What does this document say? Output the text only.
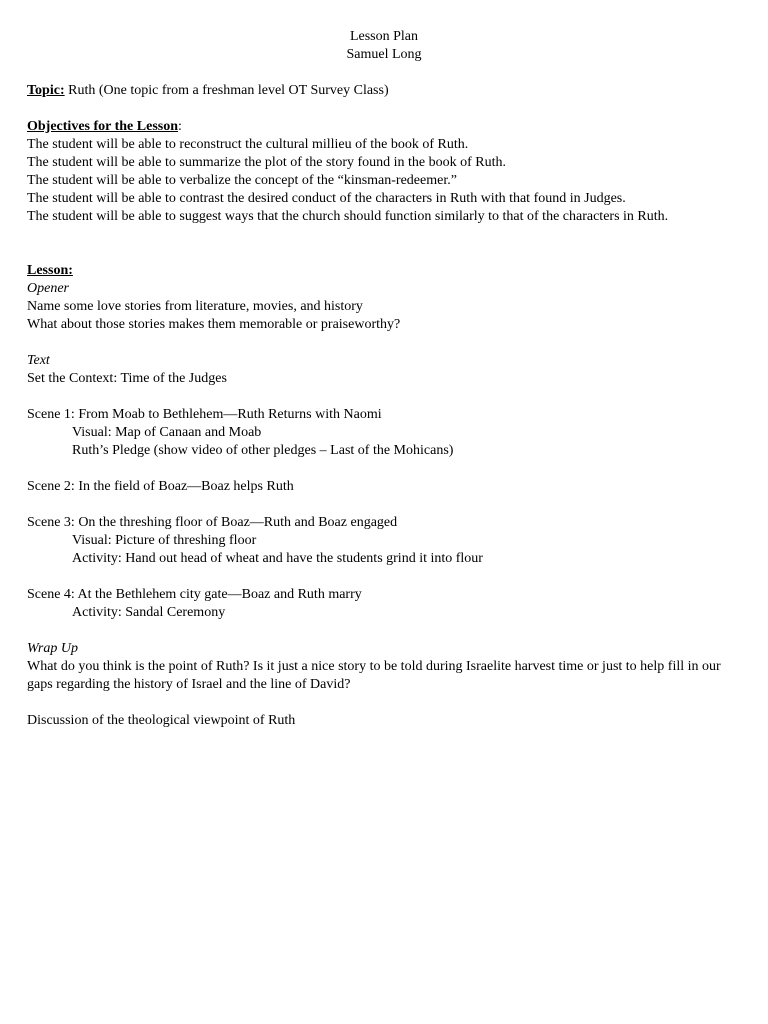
Lesson Plan
Samuel Long
Topic: Ruth (One topic from a freshman level OT Survey Class)
Objectives for the Lesson:
The student will be able to reconstruct the cultural millieu of the book of Ruth.
The student will be able to summarize the plot of the story found in the book of Ruth.
The student will be able to verbalize the concept of the “kinsman-redeemer.”
The student will be able to contrast the desired conduct of the characters in Ruth with that found in Judges.
The student will be able to suggest ways that the church should function similarly to that of the characters in Ruth.
Lesson:
Opener
Name some love stories from literature, movies, and history
What about those stories makes them memorable or praiseworthy?
Text
Set the Context: Time of the Judges
Scene 1: From Moab to Bethlehem—Ruth Returns with Naomi
Visual: Map of Canaan and Moab
Ruth’s Pledge (show video of other pledges – Last of the Mohicans)
Scene 2: In the field of Boaz—Boaz helps Ruth
Scene 3: On the threshing floor of Boaz—Ruth and Boaz engaged
Visual: Picture of threshing floor
Activity: Hand out head of wheat and have the students grind it into flour
Scene 4: At the Bethlehem city gate—Boaz and Ruth marry
Activity: Sandal Ceremony
Wrap Up
What do you think is the point of Ruth? Is it just a nice story to be told during Israelite harvest time or just to help fill in our gaps regarding the history of Israel and the line of David?
Discussion of the theological viewpoint of Ruth
